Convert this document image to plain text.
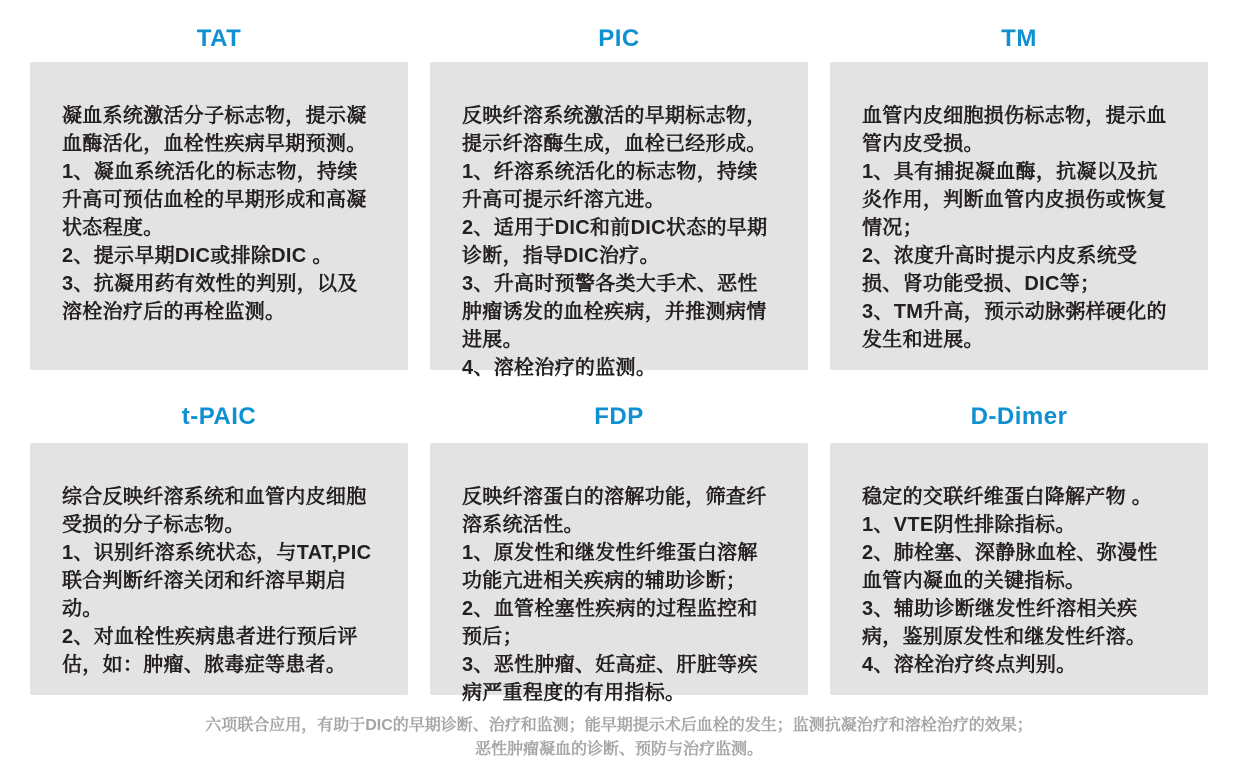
TAT

凝血系统激活分子标志物，提示凝血酶活化，血栓性疾病早期预测。

1、凝血系统活化的标志物，持续升高可预估血栓的早期形成和高凝状态程度。

2、提示早期DIC或排除DIC 。

3、抗凝用药有效性的判别，以及溶栓治疗后的再栓监测。

PIC

反映纤溶系统激活的早期标志物，提示纤溶酶生成，血栓已经形成。

1、纤溶系统活化的标志物，持续升高可提示纤溶亢进。

2、适用于DIC和前DIC状态的早期诊断，指导DIC治疗。

3、升高时预警各类大手术、恶性肿瘤诱发的血栓疾病，并推测病情进展。

4、溶栓治疗的监测。

TM

血管内皮细胞损伤标志物，提示血管内皮受损。

1、具有捕捉凝血酶，抗凝以及抗炎作用，判断血管内皮损伤或恢复情况；

2、浓度升高时提示内皮系统受损、肾功能受损、DIC等；

3、TM升高，预示动脉粥样硬化的发生和进展。

t-PAIC

综合反映纤溶系统和血管内皮细胞受损的分子标志物。

1、识别纤溶系统状态，与TAT,PIC联合判断纤溶关闭和纤溶早期启动。

2、对血栓性疾病患者进行预后评估，如：肿瘤、脓毒症等患者。

FDP

反映纤溶蛋白的溶解功能，筛查纤溶系统活性。

1、原发性和继发性纤维蛋白溶解功能亢进相关疾病的辅助诊断；

2、血管栓塞性疾病的过程监控和预后；

3、恶性肿瘤、妊高症、肝脏等疾病严重程度的有用指标。

D-Dimer

稳定的交联纤维蛋白降解产物 。

1、VTE阴性排除指标。

2、肺栓塞、深静脉血栓、弥漫性血管内凝血的关键指标。

3、辅助诊断继发性纤溶相关疾病，鉴别原发性和继发性纤溶。

4、溶栓治疗终点判别。

六项联合应用，有助于DIC的早期诊断、治疗和监测；能早期提示术后血栓的发生；监测抗凝治疗和溶栓治疗的效果；
恶性肿瘤凝血的诊断、预防与治疗监测。
